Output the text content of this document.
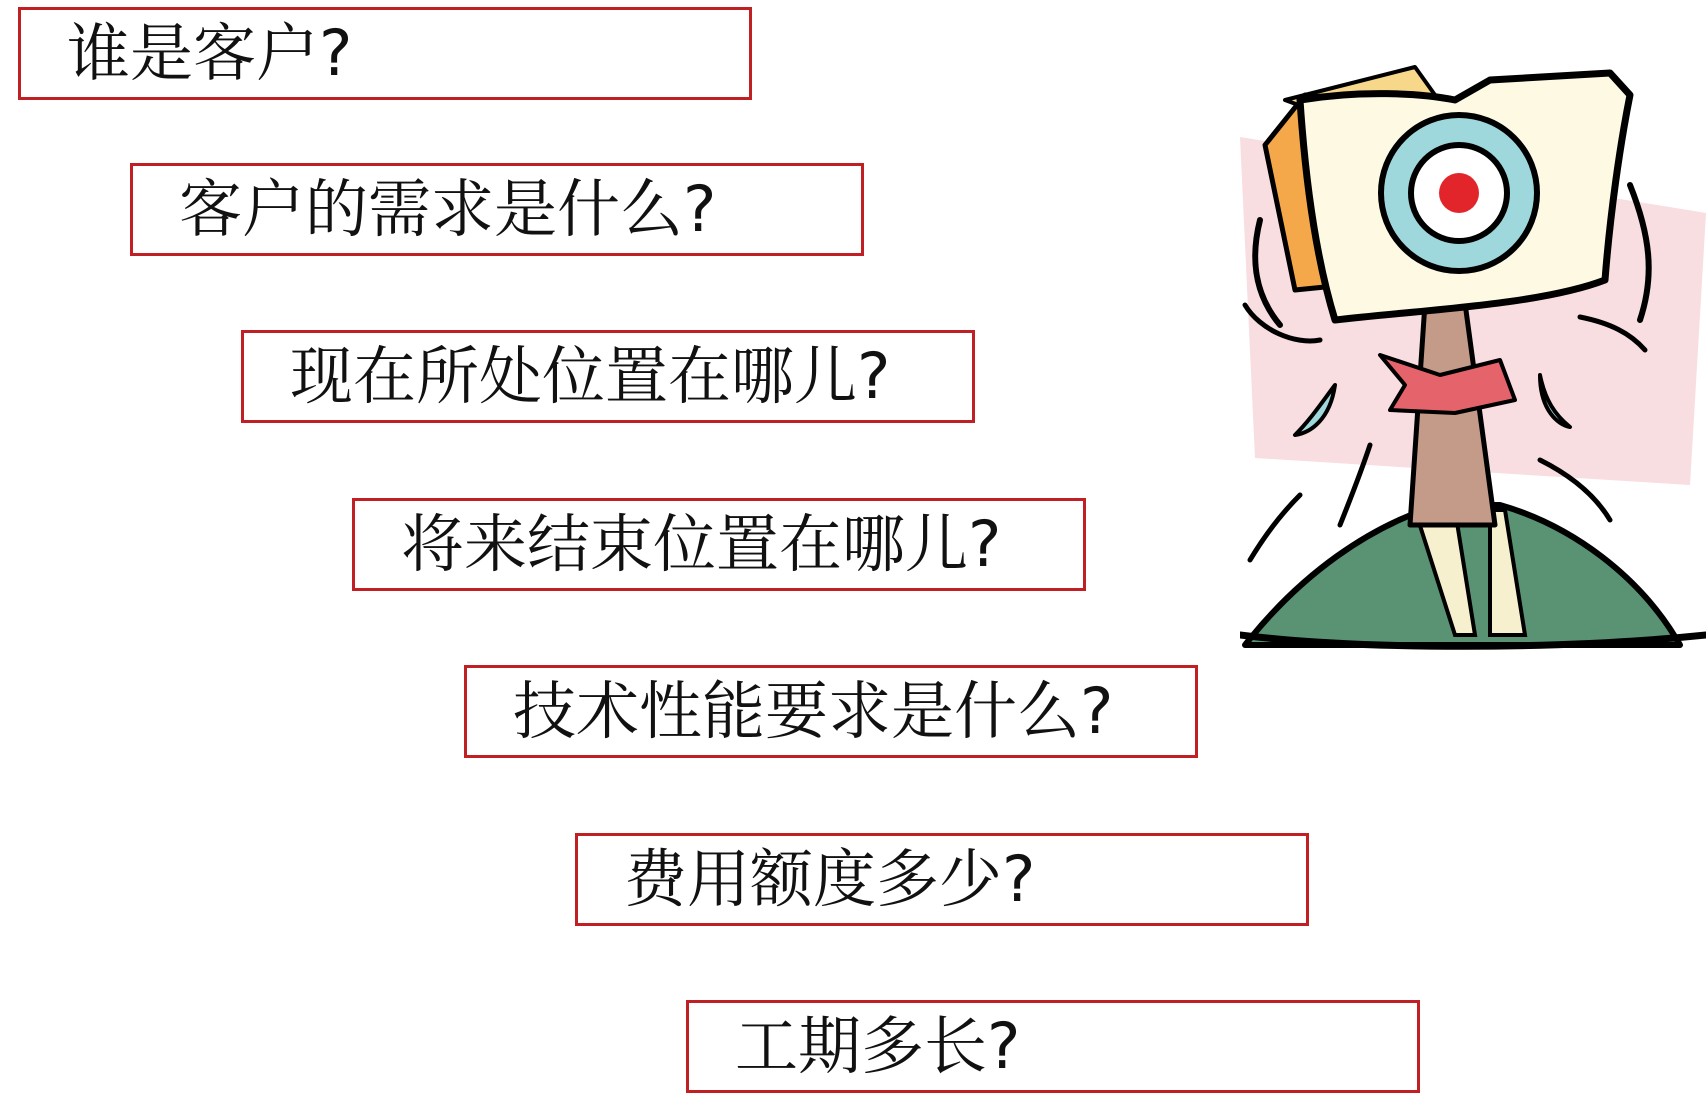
谁是客户?
客户的需求是什么?
现在所处位置在哪儿?
将来结束位置在哪儿?
技术性能要求是什么?
费用额度多少?
工期多长?
